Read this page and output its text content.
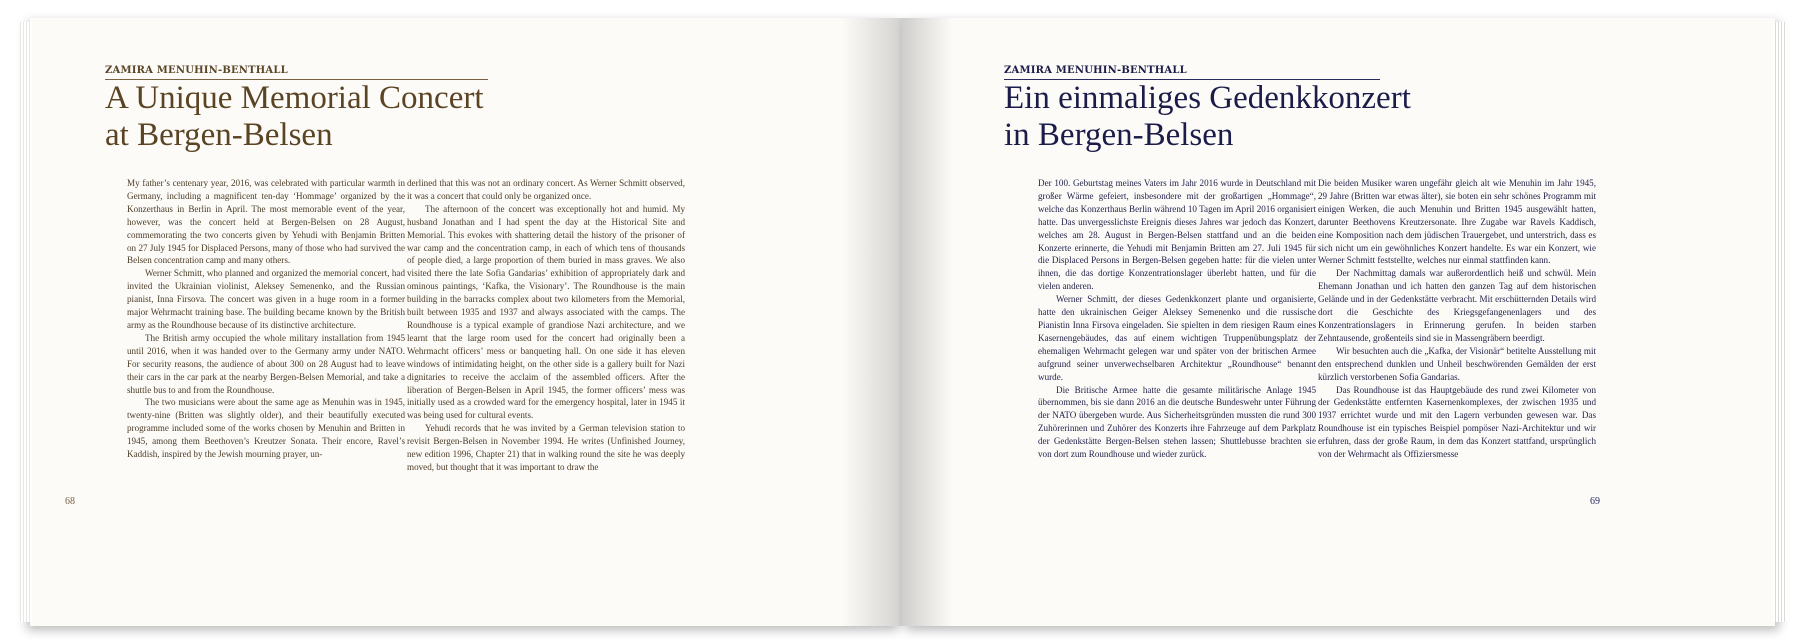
ZAMIRA MENUHIN-BENTHALL
A Unique Memorial Concert
at Bergen-Belsen

My father’s centenary year, 2016, was celebrated with particular warmth in Germany, including a magnificent ten-day ‘Hommage’ organized by the Konzerthaus in Berlin in April. The most memorable event of the year, however, was the concert held at Bergen-Belsen on 28 August, commemorating the two concerts given by Yehudi with Benjamin Britten on 27 July 1945 for Displaced Persons, many of those who had survived the Belsen concentration camp and many others.

Werner Schmitt, who planned and organized the memorial concert, had invited the Ukrainian violinist, Aleksey Semenenko, and the Russian pianist, Inna Firsova. The concert was given in a huge room in a former major Wehrmacht training base. The building became known by the British army as the Roundhouse because of its distinctive architecture.

The British army occupied the whole military installation from 1945 until 2016, when it was handed over to the Germany army under NATO. For security reasons, the audience of about 300 on 28 August had to leave their cars in the car park at the nearby Bergen-Belsen Memorial, and take a shuttle bus to and from the Roundhouse.

The two musicians were about the same age as Menuhin was in 1945, twenty-nine (Britten was slightly older), and their beautifully executed programme included some of the works chosen by Menuhin and Britten in 1945, among them Beethoven’s Kreutzer Sonata. Their encore, Ravel’s Kaddish, inspired by the Jewish mourning prayer, un-

derlined that this was not an ordinary concert. As Werner Schmitt observed, it was a concert that could only be organized once.

The afternoon of the concert was exceptionally hot and humid. My husband Jonathan and I had spent the day at the Historical Site and Memorial. This evokes with shattering detail the history of the prisoner of war camp and the concentration camp, in each of which tens of thousands of people died, a large proportion of them buried in mass graves. We also visited there the late Sofia Gandarias’ exhibition of appropriately dark and ominous paintings, ‘Kafka, the Visionary’. The Roundhouse is the main building in the barracks complex about two kilometers from the Memorial, built between 1935 and 1937 and always associated with the camps. The Roundhouse is a typical example of grandiose Nazi architecture, and we learnt that the large room used for the concert had originally been a Wehrmacht officers’ mess or banqueting hall. On one side it has eleven windows of intimidating height, on the other side is a gallery built for Nazi dignitaries to receive the acclaim of the assembled officers. After the liberation of Bergen-Belsen in April 1945, the former officers’ mess was initially used as a crowded ward for the emergency hospital, later in 1945 it was being used for cultural events.

Yehudi records that he was invited by a German television station to revisit Bergen-Belsen in November 1994. He writes (Unfinished Journey, new edition 1996, Chapter 21) that in walking round the site he was deeply moved, but thought that it was important to draw the

68
ZAMIRA MENUHIN-BENTHALL
Ein einmaliges Gedenkkonzert
in Bergen-Belsen

Der 100. Geburtstag meines Vaters im Jahr 2016 wurde in Deutschland mit großer Wärme gefeiert, insbesondere mit der großartigen „Hommage“, welche das Konzerthaus Berlin während 10 Tagen im April 2016 organisiert hatte. Das unvergesslichste Ereignis dieses Jahres war jedoch das Konzert, welches am 28. August in Bergen-Belsen stattfand und an die beiden Konzerte erinnerte, die Yehudi mit Benjamin Britten am 27. Juli 1945 für die Displaced Persons in Bergen-Belsen gegeben hatte: für die vielen unter ihnen, die das dortige Konzentrationslager überlebt hatten, und für die vielen anderen.

Werner Schmitt, der dieses Gedenkkonzert plante und organisierte, hatte den ukrainischen Geiger Aleksey Semenenko und die russische Pianistin Inna Firsova eingeladen. Sie spielten in dem riesigen Raum eines Kasernengebäudes, das auf einem wichtigen Truppenübungsplatz der ehemaligen Wehrmacht gelegen war und später von der britischen Armee aufgrund seiner unverwechselbaren Architektur „Roundhouse“ benannt wurde.

Die Britische Armee hatte die gesamte militärische Anlage 1945 übernommen, bis sie dann 2016 an die deutsche Bundeswehr unter Führung der NATO übergeben wurde. Aus Sicherheitsgründen mussten die rund 300 Zuhörerinnen und Zuhörer des Konzerts ihre Fahrzeuge auf dem Parkplatz der Gedenkstätte Bergen-Belsen stehen lassen; Shuttlebusse brachten sie von dort zum Roundhouse und wieder zurück.

Die beiden Musiker waren ungefähr gleich alt wie Menuhin im Jahr 1945, 29 Jahre (Britten war etwas älter), sie boten ein sehr schönes Programm mit einigen Werken, die auch Menuhin und Britten 1945 ausgewählt hatten, darunter Beethovens Kreutzersonate. Ihre Zugabe war Ravels Kaddisch, eine Komposition nach dem jüdischen Trauergebet, und unterstrich, dass es sich nicht um ein gewöhnliches Konzert handelte. Es war ein Konzert, wie Werner Schmitt feststellte, welches nur einmal stattfinden kann.

Der Nachmittag damals war außerordentlich heiß und schwül. Mein Ehemann Jonathan und ich hatten den ganzen Tag auf dem historischen Gelände und in der Gedenkstätte verbracht. Mit erschütternden Details wird dort die Geschichte des Kriegsgefangenenlagers und des Konzentrationslagers in Erinnerung gerufen. In beiden starben Zehntausende, großenteils sind sie in Massengräbern beerdigt.

Wir besuchten auch die „Kafka, der Visionär“ betitelte Ausstellung mit den entsprechend dunklen und Unheil beschwörenden Gemälden der erst kürzlich verstorbenen Sofia Gandarias.

Das Roundhouse ist das Hauptgebäude des rund zwei Kilometer von der Gedenkstätte entfernten Kasernenkomplexes, der zwischen 1935 und 1937 errichtet wurde und mit den Lagern verbunden gewesen war. Das Roundhouse ist ein typisches Beispiel pompöser Nazi-Architektur und wir erfuhren, dass der große Raum, in dem das Konzert stattfand, ursprünglich von der Wehrmacht als Offiziersmesse

69
